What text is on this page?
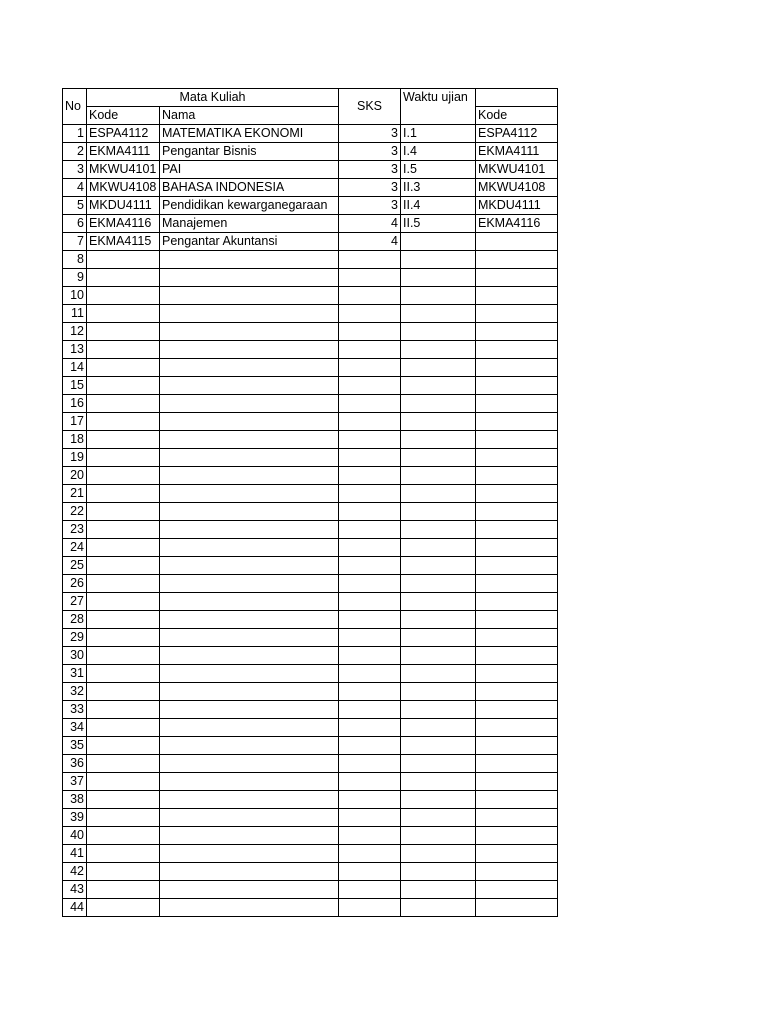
No	Mata Kuliah		SKS	Waktu ujian	
	Kode	Nama			Kode
1	ESPA4112	MATEMATIKA EKONOMI	3	I.1	ESPA4112
2	EKMA4111	Pengantar Bisnis	3	I.4	EKMA4111
3	MKWU4101	PAI	3	I.5	MKWU4101
4	MKWU4108	BAHASA INDONESIA	3	II.3	MKWU4108
5	MKDU4111	Pendidikan kewarganegaraan	3	II.4	MKDU4111
6	EKMA4116	Manajemen	4	II.5	EKMA4116
7	EKMA4115	Pengantar Akuntansi	4		
8					
9					
10					
11					
12					
13					
14					
15					
16					
17					
18					
19					
20					
21					
22					
23					
24					
25					
26					
27					
28					
29					
30					
31					
32					
33					
34					
35					
36					
37					
38					
39					
40					
41					
42					
43					
44					
